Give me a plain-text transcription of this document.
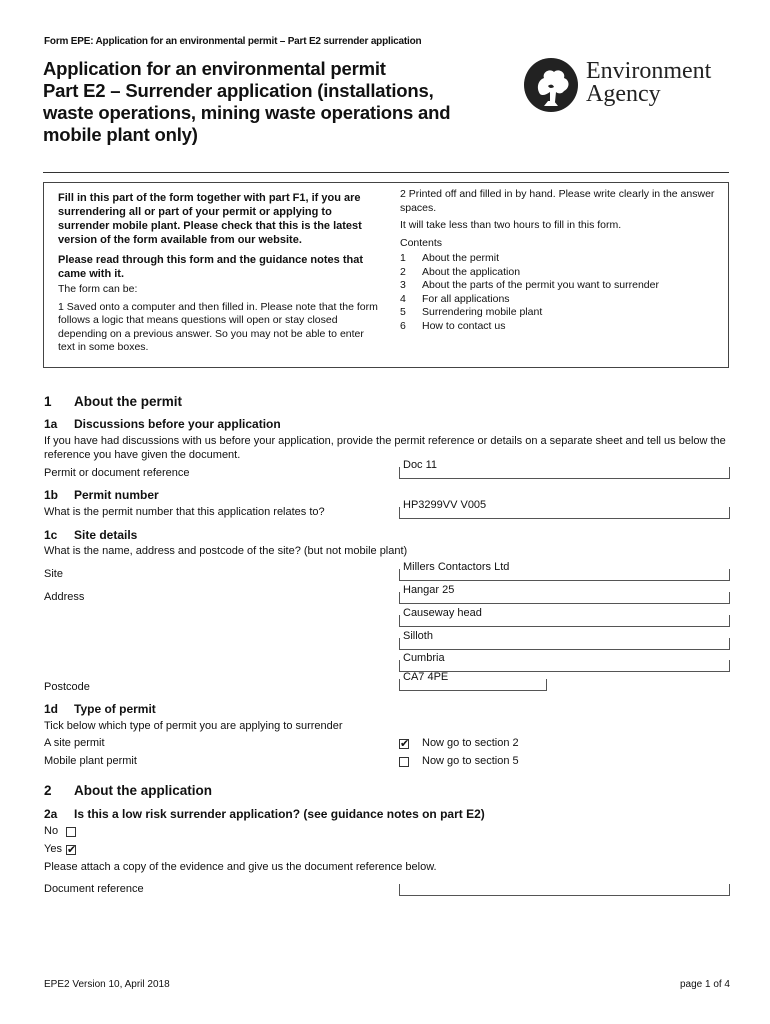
Form EPE: Application for an environmental permit – Part E2 surrender application
Application for an environmental permit
Part E2 – Surrender application (installations,
waste operations, mining waste operations and
mobile plant only)
Environment
Agency
Fill in this part of the form together with part F1, if you are surrendering all or part of your permit or applying to surrender mobile plant. Please check that this is the latest version of the form available from our website.
Please read through this form and the guidance notes that came with it.
The form can be:
1 Saved onto a computer and then filled in. Please note that the form follows a logic that means questions will open or stay closed depending on a previous answer. So you may not be able to enter text in some boxes.
2 Printed off and filled in by hand. Please write clearly in the answer spaces.
It will take less than two hours to fill in this form.
Contents
1	About the permit
2	About the application
3	About the parts of the permit you want to surrender
4	For all applications
5	Surrendering mobile plant
6	How to contact us
1 About the permit
1a Discussions before your application
If you have had discussions with us before your application, provide the permit reference or details on a separate sheet and tell us below the reference you have given the document.
Permit or document reference
Doc 11
1b Permit number
What is the permit number that this application relates to?
HP3299VV V005
1c Site details
What is the name, address and postcode of the site? (but not mobile plant)
Site
Millers Contactors Ltd
Address
Hangar 25
Causeway head
Silloth
Cumbria
Postcode
CA7 4PE
1d Type of permit
Tick below which type of permit you are applying to surrender
A site permit	✔ Now go to section 2
Mobile plant permit	Now go to section 5
2 About the application
2a Is this a low risk surrender application? (see guidance notes on part E2)
No
Yes ✔
Please attach a copy of the evidence and give us the document reference below.
Document reference
EPE2 Version 10, April 2018	page 1 of 4
